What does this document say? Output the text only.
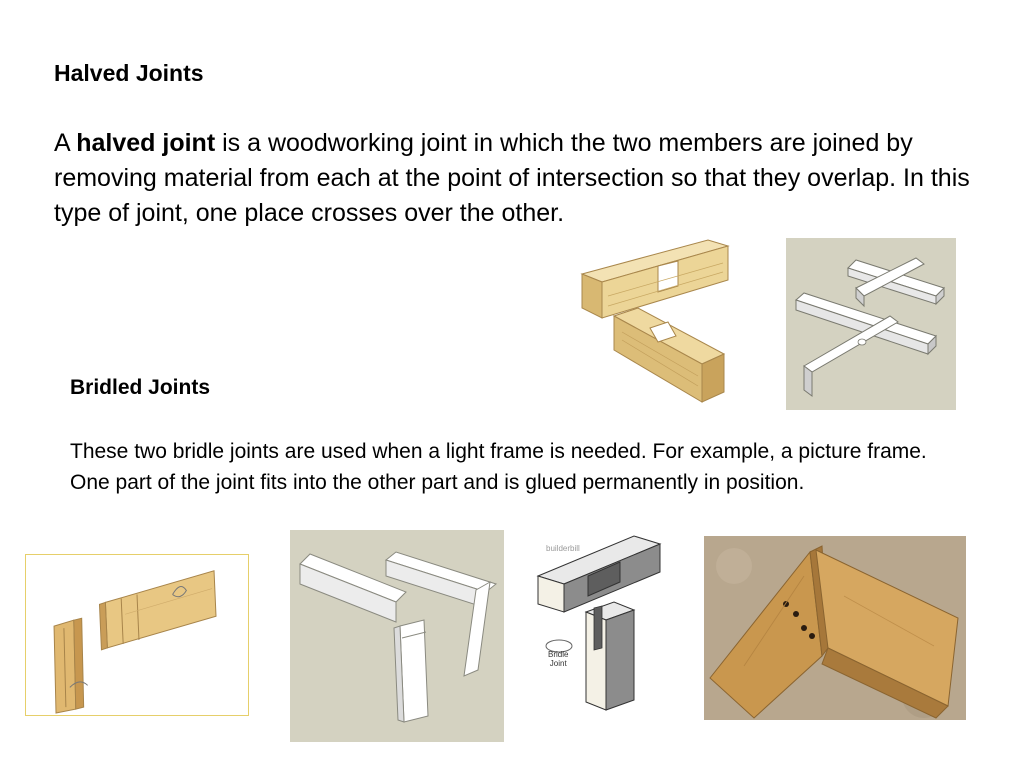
Halved Joints
A halved joint is a woodworking joint in which the two members are joined by removing material from each at the point of intersection so that they overlap. In this type of joint, one place crosses over the other.
Bridled Joints
These two bridle joints are used when a light frame is needed. For example, a picture frame. One part of the joint fits into the other part and is glued permanently in position.
builderbill
Bridle
Joint
